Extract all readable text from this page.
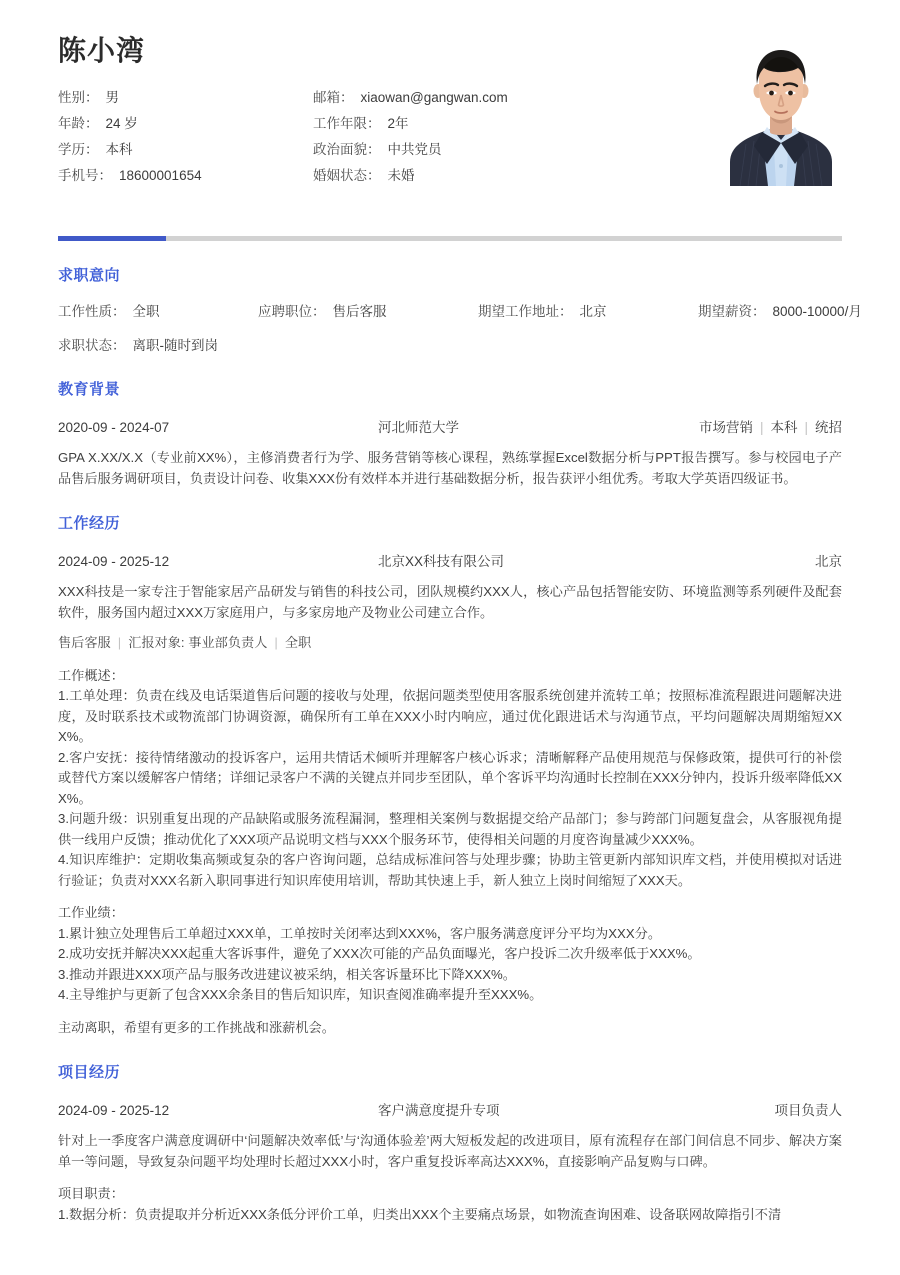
陈小湾
性别： 男	邮箱： xiaowan@gangwan.com
年龄： 24 岁	工作年限： 2年
学历： 本科	政治面貌： 中共党员
手机号： 18600001654	婚姻状态： 未婚
求职意向
工作性质： 全职	应聘职位： 售后客服	期望工作地址： 北京	期望薪资： 8000-10000/月
求职状态： 离职-随时到岗
教育背景
2020-09 - 2024-07	河北师范大学	市场营销 | 本科 | 统招

GPA X.XX/X.X（专业前XX%），主修消费者行为学、服务营销等核心课程，熟练掌握Excel数据分析与PPT报告撰写。参与校园电子产品售后服务调研项目，负责设计问卷、收集XXX份有效样本并进行基础数据分析，报告获评小组优秀。考取大学英语四级证书。

工作经历
2024-09 - 2025-12	北京XX科技有限公司	北京

XXX科技是一家专注于智能家居产品研发与销售的科技公司，团队规模约XXX人，核心产品包括智能安防、环境监测等系列硬件及配套软件，服务国内超过XXX万家庭用户，与多家房地产及物业公司建立合作。

售后客服 | 汇报对象: 事业部负责人 | 全职

工作概述：

1.工单处理：负责在线及电话渠道售后问题的接收与处理，依据问题类型使用客服系统创建并流转工单；按照标准流程跟进问题解决进度，及时联系技术或物流部门协调资源，确保所有工单在XXX小时内响应，通过优化跟进话术与沟通节点，平均问题解决周期缩短XXX%。

2.客户安抚：接待情绪激动的投诉客户，运用共情话术倾听并理解客户核心诉求；清晰解释产品使用规范与保修政策，提供可行的补偿或替代方案以缓解客户情绪；详细记录客户不满的关键点并同步至团队，单个客诉平均沟通时长控制在XXX分钟内，投诉升级率降低XXX%。

3.问题升级：识别重复出现的产品缺陷或服务流程漏洞，整理相关案例与数据提交给产品部门；参与跨部门问题复盘会，从客服视角提供一线用户反馈；推动优化了XXX项产品说明文档与XXX个服务环节，使得相关问题的月度咨询量减少XXX%。

4.知识库维护：定期收集高频或复杂的客户咨询问题，总结成标准问答与处理步骤；协助主管更新内部知识库文档，并使用模拟对话进行验证；负责对XXX名新入职同事进行知识库使用培训，帮助其快速上手，新人独立上岗时间缩短了XXX天。

工作业绩：

1.累计独立处理售后工单超过XXX单，工单按时关闭率达到XXX%，客户服务满意度评分平均为XXX分。

2.成功安抚并解决XXX起重大客诉事件，避免了XXX次可能的产品负面曝光，客户投诉二次升级率低于XXX%。

3.推动并跟进XXX项产品与服务改进建议被采纳，相关客诉量环比下降XXX%。

4.主导维护与更新了包含XXX余条目的售后知识库，知识查阅准确率提升至XXX%。

主动离职，希望有更多的工作挑战和涨薪机会。

项目经历
2024-09 - 2025-12	客户满意度提升专项	项目负责人

针对上一季度客户满意度调研中‘问题解决效率低’与‘沟通体验差’两大短板发起的改进项目，原有流程存在部门间信息不同步、解决方案单一等问题，导致复杂问题平均处理时长超过XXX小时，客户重复投诉率高达XXX%，直接影响产品复购与口碑。

项目职责：

1.数据分析：负责提取并分析近XXX条低分评价工单，归类出XXX个主要痛点场景，如物流查询困难、设备联网故障指引不清
